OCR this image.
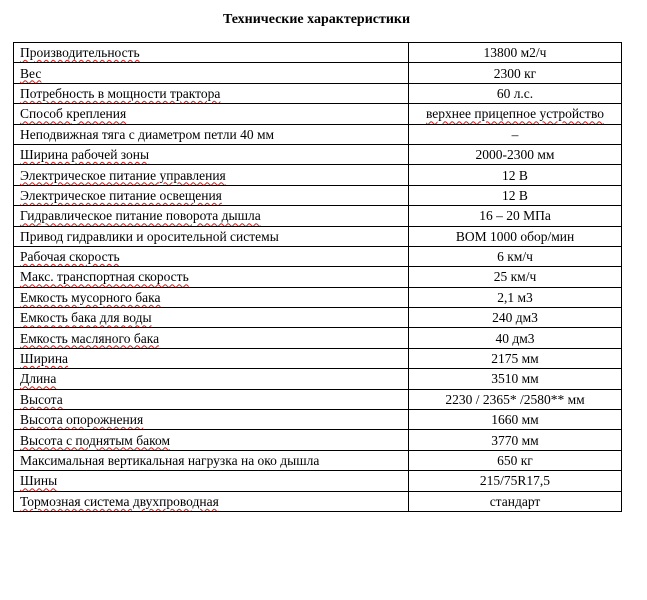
Технические характеристики
Производительность	13800 м2/ч
Вес	2300 кг
Потребность в мощности трактора	60 л.с.
Способ крепления	верхнее прицепное устройство
Неподвижная тяга с диаметром петли 40 мм	–
Ширина рабочей зоны	2000-2300 мм
Электрическое питание управления	12 В
Электрическое питание освещения	12 В
Гидравлическое питание поворота дышла	16 – 20 МПа
Привод гидравлики и оросительной системы	ВОМ 1000 обор/мин
Рабочая скорость	6 км/ч
Макс. транспортная скорость	25 км/ч
Емкость мусорного бака	2,1 м3
Емкость бака для воды	240 дм3
Емкость масляного бака	40 дм3
Ширина	2175 мм
Длина	3510 мм
Высота	2230 / 2365* /2580** мм
Высота опорожнения	1660 мм
Высота с поднятым баком	3770 мм
Максимальная вертикальная нагрузка на око дышла	650 кг
Шины	215/75R17,5
Тормозная система двухпроводная	стандарт
